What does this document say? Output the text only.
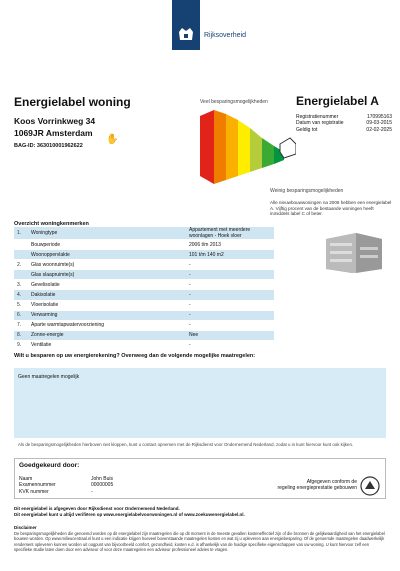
Rijksoverheid
Energielabel woning
Koos Vorrinkweg 34
1069JR Amsterdam
BAG-ID: 363010001962622
✋
Veel besparingsmogelijkheden
Weinig besparingsmogelijkheden
Energielabel A
Registratienummer	170995163
Datum van registratie	09-03-2015
Geldig tot	02-02-2025
Alle nieuwbouwwoningen na 2006 hebben een energielabel A. Vijftig procent van de bestaande woningen heeft inmiddels label C of beter.
Overzicht woningkenmerken
1.	Woningtype	Appartement met meerdere woonlagen - Hoek vloer
	Bouwperiode	2006 t/m 2013
	Woonoppervlakte	101 t/m 140 m2
2.	Glas woonruimte(s)	-
	Glas slaapruimte(s)	-
3.	Gevelisolatie	-
4.	Dakisolatie	-
5.	Vloerisolatie	-
6.	Verwarming	-
7.	Aparte warmtapwatervoorziening	-
8.	Zonne-energie	Nee
9.	Ventilatie	-
Wilt u besparen op uw energierekening? Overweeg dan de volgende mogelijke maatregelen:
Geen maatregelen mogelijk
Als de besparingsmogelijkheden hierboven niet kloppen, kunt u contact opnemen met de Rijksdienst voor Ondernemend Nederland, zodat u in kunt hiervoor kunt ook kijken.
Goedgekeurd door:
Naam	John Buis
Examennummer	00000005
KVK nummer	-
Afgegeven conform de
regeling energieprestatie gebouwen
Dit energielabel is afgegeven door Rijksdienst voor Ondernemend Nederland.
Dit energielabel kunt u altijd verifiëren op www.energielabelvoorwoningen.nl of www.zoekuwenergielabel.nl.
Disclaimer
De besparingsmogelijkheden die genoemd worden op dit energielabel zijn maatregelen die op dit moment in de meeste gevallen kosteneffectief zijn of die bronnen de gelijkwaardigheid van het energielabel bouwen worden. Op www.milieucentraal.nl kunt u een indicatie krijgen hoeveel bovenstaande maatregelen kosten en wat zij u opleveren aan energiebesparing. Of de genoemde maatregelen daadwerkelijk rendement opleveren kunnen worden uit oogpunt van bijvoorbeeld comfort, gezondheid, kosten e.d. is afhankelijk van de huidige specifieke eigenschappen van uw woning. U kunt hiervoor zelf een specifieke studie laten doen door een adviseur of voor deze maatregelen een adviseur professioneel advies te vragen.
